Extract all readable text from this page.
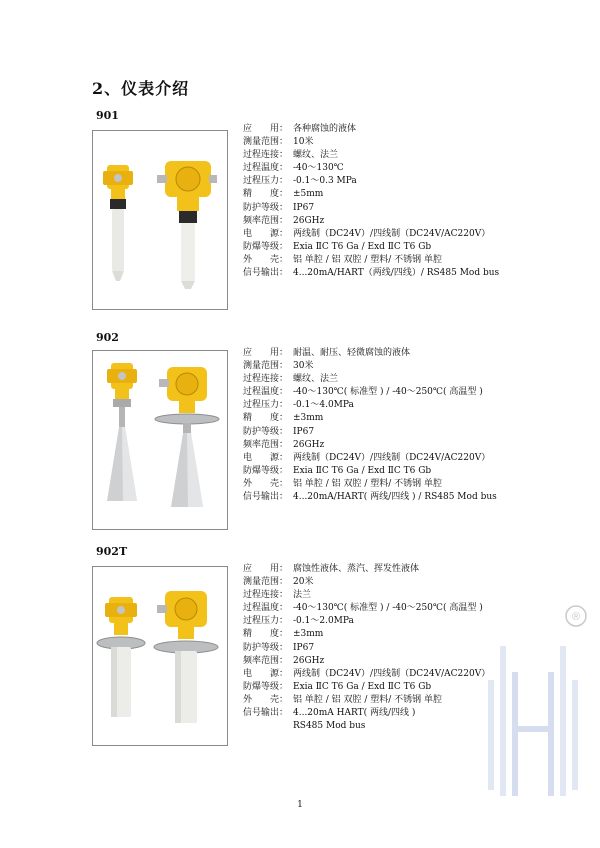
2、仪表介绍
901
应　　用： 各种腐蚀的液体
测量范围： 10米
过程连接： 螺纹、法兰
过程温度： -40～130℃
过程压力： -0.1～0.3 MPa
精　　度： ±5mm
防护等级： IP67
频率范围： 26GHz
电　　源： 两线制（DC24V）/四线制（DC24V/AC220V）
防爆等级： Exia ⅡC T6 Ga / Exd ⅡC T6 Gb
外　　壳： 铝 单腔 / 铝 双腔 / 塑料/ 不锈钢 单腔
信号输出： 4...20mA/HART（两线/四线）/ RS485 Mod bus
902
应　　用： 耐温、耐压、轻微腐蚀的液体
测量范围： 30米
过程连接： 螺纹、法兰
过程温度： -40～130℃( 标准型 ) / -40～250℃( 高温型 )
过程压力： -0.1～4.0MPa
精　　度： ±3mm
防护等级： IP67
频率范围： 26GHz
电　　源： 两线制（DC24V）/四线制（DC24V/AC220V）
防爆等级： Exia ⅡC T6 Ga / Exd ⅡC T6 Gb
外　　壳： 铝 单腔 / 铝 双腔 / 塑料/ 不锈钢 单腔
信号输出： 4...20mA/HART( 两线/四线 ) / RS485 Mod bus
902T
应　　用： 腐蚀性液体、蒸汽、挥发性液体
测量范围： 20米
过程连接： 法兰
过程温度： -40～130℃( 标准型 ) / -40～250℃( 高温型 )
过程压力： -0.1～2.0MPa
精　　度： ±3mm
防护等级： IP67
频率范围： 26GHz
电　　源： 两线制（DC24V）/四线制（DC24V/AC220V）
防爆等级： Exia ⅡC T6 Ga / Exd ⅡC T6 Gb
外　　壳： 铝 单腔 / 铝 双腔 / 塑料/ 不锈钢 单腔
信号输出： 4...20mA HART( 两线/四线 )
RS485 Mod bus
®
1
